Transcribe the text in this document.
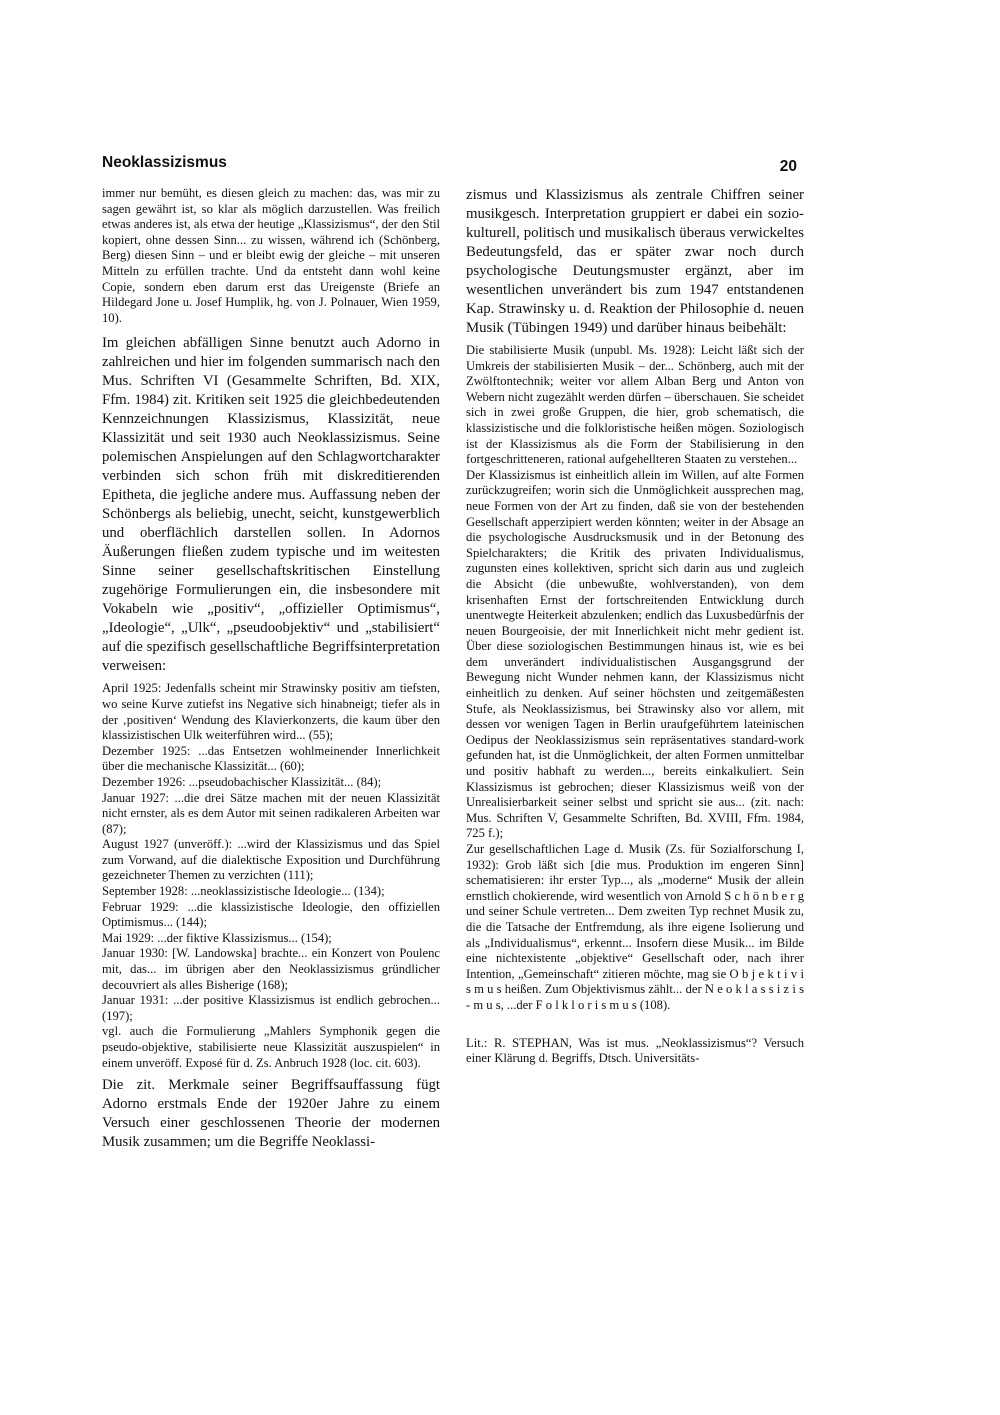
Neoklassizismus	20

immer nur bemüht, es diesen gleich zu machen: das, was mir zu sagen gewährt ist, so klar als möglich darzustellen. Was freilich etwas anderes ist, als etwa der heutige „Klassizismus“, der den Stil kopiert, ohne dessen Sinn... zu wissen, während ich (Schönberg, Berg) diesen Sinn – und er bleibt ewig der gleiche – mit unseren Mitteln zu erfüllen trachte. Und da entsteht dann wohl keine Copie, sondern eben darum erst das Ureigenste (Briefe an Hildegard Jone u. Josef Humplik, hg. von J. Polnauer, Wien 1959, 10).

Im gleichen abfälligen Sinne benutzt auch Adorno in zahlreichen und hier im folgenden summarisch nach den Mus. Schriften VI (Gesammelte Schriften, Bd. XIX, Ffm. 1984) zit. Kritiken seit 1925 die gleichbedeutenden Kennzeichnungen Klassizismus, Klassizität, neue Klassizität und seit 1930 auch Neoklassizismus. Seine polemischen Anspielungen auf den Schlagwortcharakter verbinden sich schon früh mit diskreditierenden Epitheta, die jegliche andere mus. Auffassung neben der Schönbergs als beliebig, unecht, seicht, kunstgewerblich und oberflächlich darstellen sollen. In Adornos Äußerungen fließen zudem typische und im weitesten Sinne seiner gesellschaftskritischen Einstellung zugehörige Formulierungen ein, die insbesondere mit Vokabeln wie „positiv“, „offizieller Optimismus“, „Ideologie“, „Ulk“, „pseudoobjektiv“ und „stabilisiert“ auf die spezifisch gesellschaftliche Begriffsinterpretation verweisen:

April 1925: Jedenfalls scheint mir Strawinsky positiv am tiefsten, wo seine Kurve zutiefst ins Negative sich hinabneigt; tiefer als in der ‚positiven‘ Wendung des Klavierkonzerts, die kaum über den klassizistischen Ulk weiterführen wird... (55);

Dezember 1925: ...das Entsetzen wohlmeinender Innerlichkeit über die mechanische Klassizität... (60);

Dezember 1926: ...pseudobachischer Klassizität... (84);

Januar 1927: ...die drei Sätze machen mit der neuen Klassizität nicht ernster, als es dem Autor mit seinen radikaleren Arbeiten war (87);

August 1927 (unveröff.): ...wird der Klassizismus und das Spiel zum Vorwand, auf die dialektische Exposition und Durchführung gezeichneter Themen zu verzichten (111);

September 1928: ...neoklassizistische Ideologie... (134);

Februar 1929: ...die klassizistische Ideologie, den offiziellen Optimismus... (144);

Mai 1929: ...der fiktive Klassizismus... (154);

Januar 1930: [W. Landowska] brachte... ein Konzert von Poulenc mit, das... im übrigen aber den Neoklassizismus gründlicher decouvriert als alles Bisherige (168);

Januar 1931: ...der positive Klassizismus ist endlich gebrochen... (197);

vgl. auch die Formulierung „Mahlers Symphonik gegen die pseudo-objektive, stabilisierte neue Klassizität auszuspielen“ in einem unveröff. Exposé für d. Zs. Anbruch 1928 (loc. cit. 603).

Die zit. Merkmale seiner Begriffsauffassung fügt Adorno erstmals Ende der 1920er Jahre zu einem Versuch einer geschlossenen Theorie der modernen Musik zusammen; um die Begriffe Neoklassi-

zismus und Klassizismus als zentrale Chiffren seiner musikgesch. Interpretation gruppiert er dabei ein sozio-kulturell, politisch und musikalisch überaus verwickeltes Bedeutungsfeld, das er später zwar noch durch psychologische Deutungsmuster ergänzt, aber im wesentlichen unverändert bis zum 1947 entstandenen Kap. Strawinsky u. d. Reaktion der Philosophie d. neuen Musik (Tübingen 1949) und darüber hinaus beibehält:

Die stabilisierte Musik (unpubl. Ms. 1928): Leicht läßt sich der Umkreis der stabilisierten Musik – der... Schönberg, auch mit der Zwölftontechnik; weiter vor allem Alban Berg und Anton von Webern nicht zugezählt werden dürfen – überschauen. Sie scheidet sich in zwei große Gruppen, die hier, grob schematisch, die klassizistische und die folkloristische heißen mögen. Soziologisch ist der Klassizismus als die Form der Stabilisierung in den fortgeschritteneren, rational aufgehellteren Staaten zu verstehen...

Der Klassizismus ist einheitlich allein im Willen, auf alte Formen zurückzugreifen; worin sich die Unmöglichkeit aussprechen mag, neue Formen von der Art zu finden, daß sie von der bestehenden Gesellschaft apperzipiert werden könnten; weiter in der Absage an die psychologische Ausdrucksmusik und in der Betonung des Spielcharakters; die Kritik des privaten Individualismus, zugunsten eines kollektiven, spricht sich darin aus und zugleich die Absicht (die unbewußte, wohlverstanden), von dem krisenhaften Ernst der fortschreitenden Entwicklung durch unentwegte Heiterkeit abzulenken; endlich das Luxusbedürfnis der neuen Bourgeoisie, der mit Innerlichkeit nicht mehr gedient ist. Über diese soziologischen Bestimmungen hinaus ist, wie es bei dem unverändert individualistischen Ausgangsgrund der Bewegung nicht Wunder nehmen kann, der Klassizismus nicht einheitlich zu denken. Auf seiner höchsten und zeitgemäßesten Stufe, als Neoklassizismus, bei Strawinsky also vor allem, mit dessen vor wenigen Tagen in Berlin uraufgeführtem lateinischen Oedipus der Neoklassizismus sein repräsentatives standard-work gefunden hat, ist die Unmöglichkeit, der alten Formen unmittelbar und positiv habhaft zu werden..., bereits einkalkuliert. Sein Klassizismus ist gebrochen; dieser Klassizismus weiß von der Unrealisierbarkeit seiner selbst und spricht sie aus... (zit. nach: Mus. Schriften V, Gesammelte Schriften, Bd. XVIII, Ffm. 1984, 725 f.);

Zur gesellschaftlichen Lage d. Musik (Zs. für Sozialforschung I, 1932): Grob läßt sich [die mus. Produktion im engeren Sinn] schematisieren: ihr erster Typ..., als „moderne“ Musik der allein ernstlich chokierende, wird wesentlich von Arnold S c h ö n b e r g und seiner Schule vertreten... Dem zweiten Typ rechnet Musik zu, die die Tatsache der Entfremdung, als ihre eigene Isolierung und als „Individualismus“, erkennt... Insofern diese Musik... im Bilde eine nichtexistente „objektive“ Gesellschaft oder, nach ihrer Intention, „Gemeinschaft“ zitieren möchte, mag sie O b j e k t i v i s m u s heißen. Zum Objektivismus zählt... der N e o k l a s s i z i s - m u s, ...der F o l k l o r i s m u s (108).

Lit.: R. STEPHAN, Was ist mus. „Neoklassizismus“? Versuch einer Klärung d. Begriffs, Dtsch. Universitäts-
